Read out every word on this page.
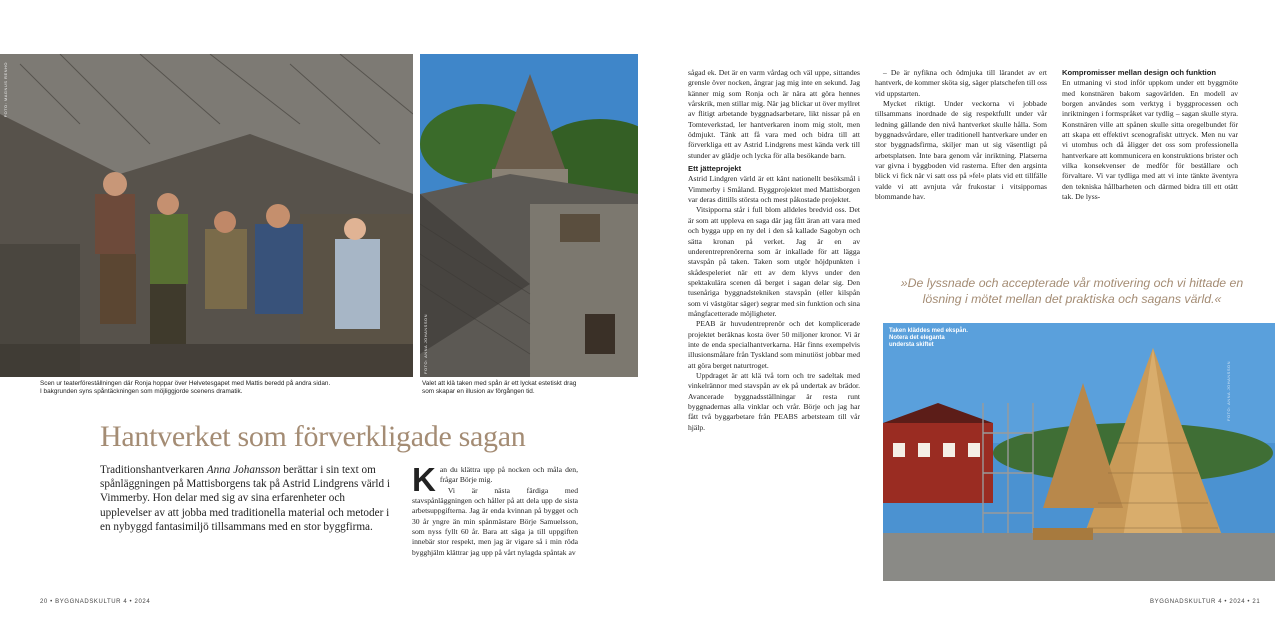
FOTO: MAGNUS RENHO
Scen ur teaterföreställningen där Ronja hoppar över Helvetesgapet med Mattis beredd på andra sidan.
I bakgrunden syns spåntäckningen som möjliggjorde scenens dramatik.
FOTO: ANNA JOHANSSON
Valet att klä taken med spån är ett lyckat estetiskt drag
som skapar en illusion av förgången tid.
Hantverket som förverkligade sagan
Traditionshantverkaren Anna Johansson berättar i sin text om spånläggningen på Mattisborgens tak på Astrid Lindgrens värld i Vimmerby. Hon delar med sig av sina erfarenheter och upplevelser av att jobba med traditionella material och metoder i en nybyggd fantasimiljö tillsammans med en stor byggfirma.
K an du klättra upp på nocken och måla den, frågar Börje mig.

Vi är nästa färdiga med stavspånläggningen och håller på att dela upp de sista arbetsuppgifterna. Jag är enda kvinnan på bygget och 30 år yngre än min spånmästare Börje Samuelsson, som nyss fyllt 60 år. Bara att säga ja till uppgiften innebär stor respekt, men jag är vigare så i min röda bygghjälm klättrar jag upp på vårt nylagda spåntak av

sågad ek. Det är en varm vårdag och väl uppe, sittandes grensle över nocken, ångrar jag mig inte en sekund. Jag känner mig som Ronja och är nära att göra hennes vårskrik, men stillar mig. När jag blickar ut över myllret av flitigt arbetande byggnadsarbetare, likt nissar på en Tomteverkstad, ler hantverkaren inom mig stolt, men ödmjukt. Tänk att få vara med och bidra till att förverkliga ett av Astrid Lindgrens mest kända verk till stunder av glädje och lycka för alla besökande barn.

Ett jätteprojekt

Astrid Lindgren värld är ett känt nationellt besöksmål i Vimmerby i Småland. Byggprojektet med Mattisborgen var deras dittills största och mest påkostade projektet.

Vitsipporna står i full blom alldeles bredvid oss. Det är som att uppleva en saga där jag fått äran att vara med och bygga upp en ny del i den så kallade Sagobyn och sätta kronan på verket. Jag är en av underentreprenörerna som är inkallade för att lägga stavspån på taken. Taken som utgör höjdpunkten i skådespeleriet när ett av dem klyvs under den spektakulära scenen då berget i sagan delar sig. Den tusenåriga byggnadstekniken stavspån (eller kilspån som vi västgötar säger) segrar med sin funktion och sina mångfacetterade möjligheter.

PEAB är huvudentreprenör och det komplicerade projektet beräknas kosta över 50 miljoner kronor. Vi är inte de enda specialhantverkarna. Här finns exempelvis illusionsmålare från Tyskland som minutiöst jobbar med att göra berget naturtroget.

Uppdraget är att klä två torn och tre sadeltak med vinkelrännor med stavspån av ek på undertak av brädor. Avancerade byggnadsställningar är resta runt byggnadernas alla vinklar och vrår. Börje och jag har fått två byggarbetare från PEABS arbetsteam till vår hjälp.

– De är nyfikna och ödmjuka till lärandet av ert hantverk, de kommer sköta sig, säger platschefen till oss vid uppstarten.

Mycket riktigt. Under veckorna vi jobbade tillsammans inordnade de sig respektfullt under vår ledning gällande den nivå hantverket skulle hålla. Som byggnadsvårdare, eller traditionell hantverkare under en stor byggnadsfirma, skiljer man ut sig väsentligt på arbetsplatsen. Inte bara genom vår inriktning. Platserna var givna i byggboden vid rasterna. Efter den argsinta blick vi fick när vi satt oss på »fel« plats vid ett tillfälle valde vi att avnjuta vår frukostar i vitsippornas blommande hav.

Kompromisser mellan design och funktion

En utmaning vi stod inför uppkom under ett byggmöte med konstnären bakom sagovärlden. En modell av borgen användes som verktyg i byggprocessen och inriktningen i formspråket var tydlig – sagan skulle styra. Konstnären ville att spånen skulle sitta oregelbundet för att skapa ett effektivt scenografiskt uttryck. Men nu var vi utomhus och då åligger det oss som professionella hantverkare att kommunicera en konstruktions brister och vilka konsekvenser de medför för beställare och förvaltare. Vi var tydliga med att vi inte tänkte äventyra den tekniska hållbarheten och därmed bidra till ett otätt tak. De lyss-

»De lyssnade och accepterade vår motivering och vi hittade en lösning i mötet mellan det praktiska och sagans värld.«
Taken kläddes med ekspån. Notera det eleganta understa skiftet
FOTO: ANNA JOHANSSON
20 • BYGGNADSKULTUR 4 • 2024	BYGGNADSKULTUR 4 • 2024 • 21
